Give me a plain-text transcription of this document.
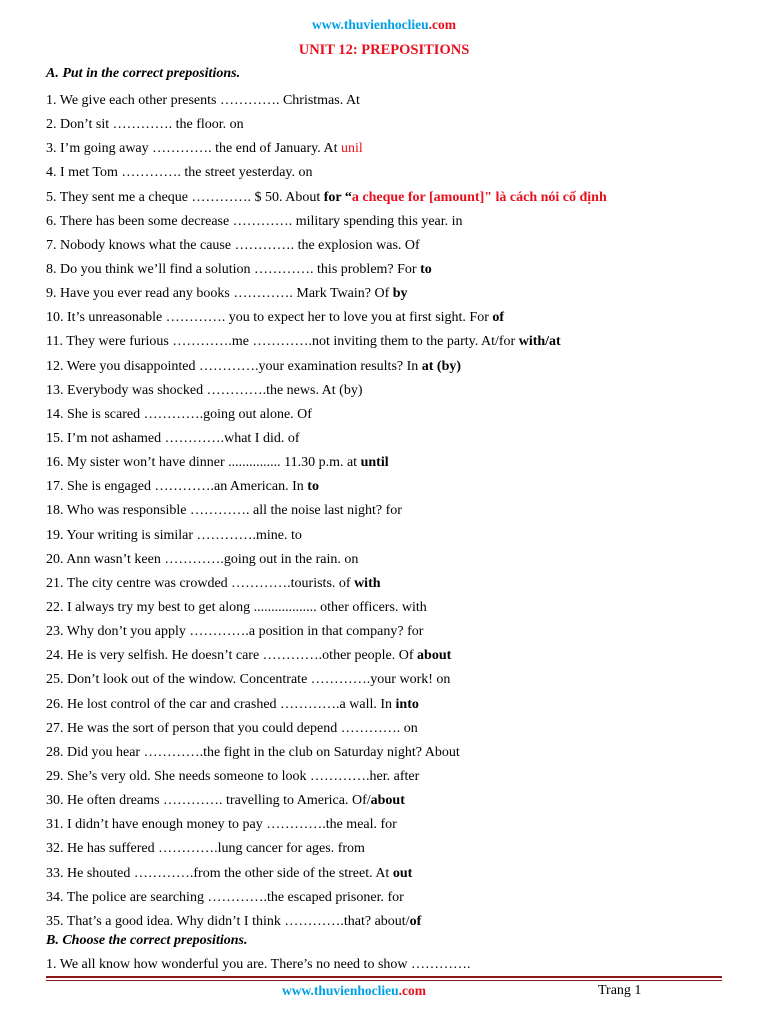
www.thuvienhoclieu.com
UNIT 12: PREPOSITIONS
A. Put in the correct prepositions.
1. We give each other presents …………. Christmas. At
2. Don’t sit …………. the floor. on
3. I’m going away …………. the end of January. At unil
4. I met Tom …………. the street yesterday. on
5. They sent me a cheque …………. $ 50. About for “a cheque for [amount]" là cách nói cố định
6. There has been some decrease …………. military spending this year. in
7. Nobody knows what the cause …………. the explosion was. Of
8. Do you think we’ll find a solution …………. this problem? For to
9. Have you ever read any books …………. Mark Twain? Of by
10. It’s unreasonable …………. you to expect her to love you at first sight. For of
11. They were furious ………….me ………….not inviting them to the party. At/for with/at
12. Were you disappointed ………….your examination results? In at (by)
13. Everybody was shocked ………….the news. At (by)
14. She is scared ………….going out alone. Of
15. I’m not ashamed ………….what I did. of
16. My sister won’t have dinner ............... 11.30 p.m. at until
17. She is engaged ………….an American. In to
18. Who was responsible …………. all the noise last night? for
19. Your writing is similar ………….mine. to
20. Ann wasn’t keen ………….going out in the rain. on
21. The city centre was crowded ………….tourists. of with
22. I always try my best to get along .................. other officers. with
23. Why don’t you apply ………….a position in that company? for
24. He is very selfish. He doesn’t care ………….other people. Of about
25. Don’t look out of the window. Concentrate ………….your work! on
26. He lost control of the car and crashed ………….a wall. In into
27. He was the sort of person that you could depend …………. on
28. Did you hear ………….the fight in the club on Saturday night? About
29. She’s very old. She needs someone to look ………….her. after
30. He often dreams …………. travelling to America. Of/about
31. I didn’t have enough money to pay ………….the meal. for
32. He has suffered ………….lung cancer for ages. from
33. He shouted ………….from the other side of the street. At out
34. The police are searching ………….the escaped prisoner. for
35. That’s a good idea. Why didn’t I think ………….that? about/of
B. Choose the correct prepositions.
1. We all know how wonderful you are. There’s no need to show ………….
www.thuvienhoclieu.com	Trang 1
